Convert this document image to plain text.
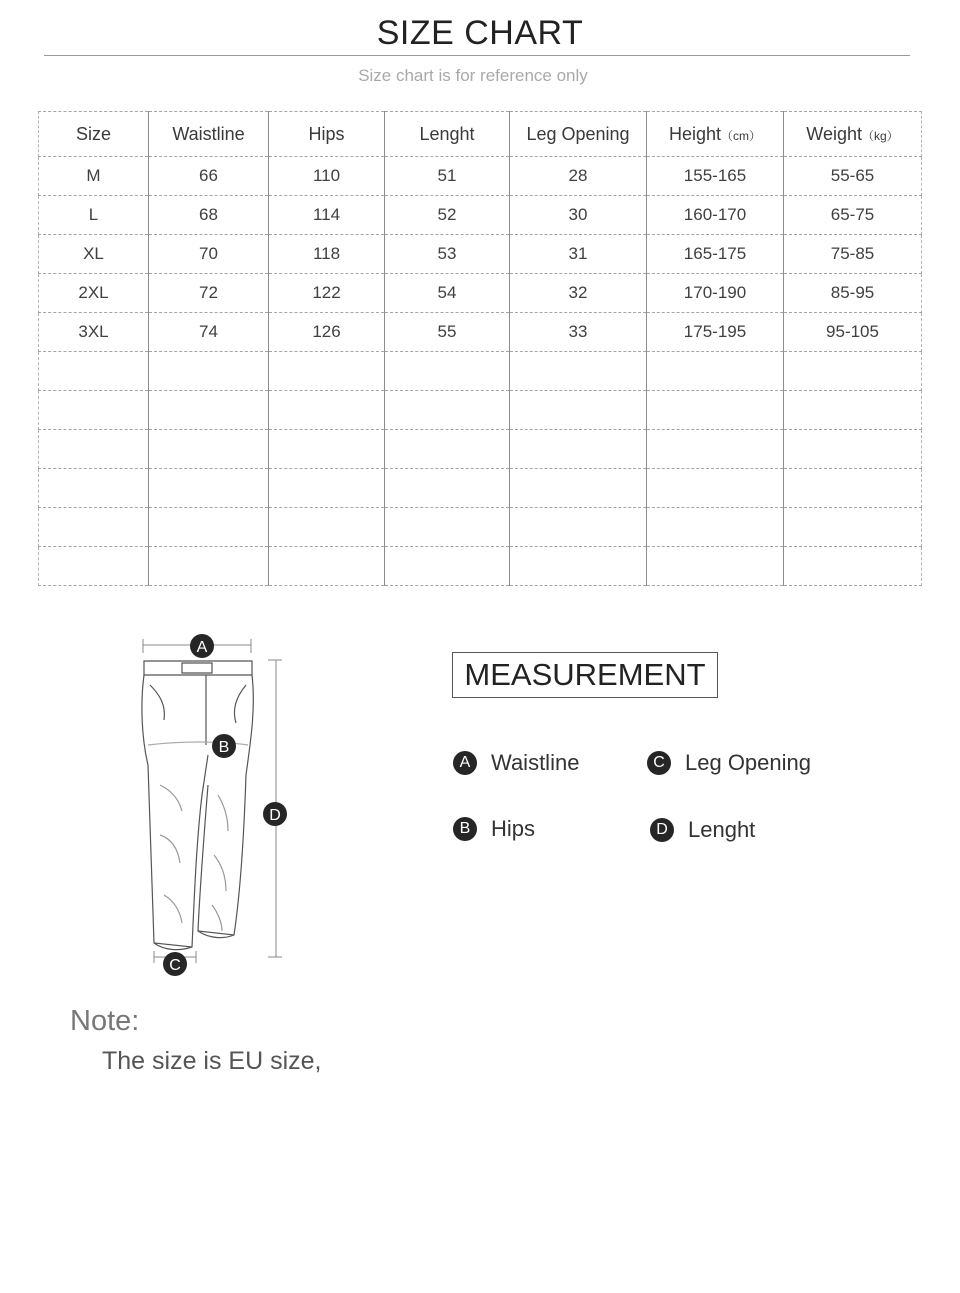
SIZE CHART
Size chart is for reference only
Size	Waistline	Hips	Lenght	Leg Opening	Height（cm）	Weight（kg）
M	66	110	51	28	155-165	55-65
L	68	114	52	30	160-170	65-75
XL	70	118	53	31	165-175	75-85
2XL	72	122	54	32	170-190	85-95
3XL	74	126	55	33	175-195	95-105

A
B
D
C
MEASUREMENT
A Waistline
B Hips
C Leg Opening
D Lenght
Note:
The size is EU size,
